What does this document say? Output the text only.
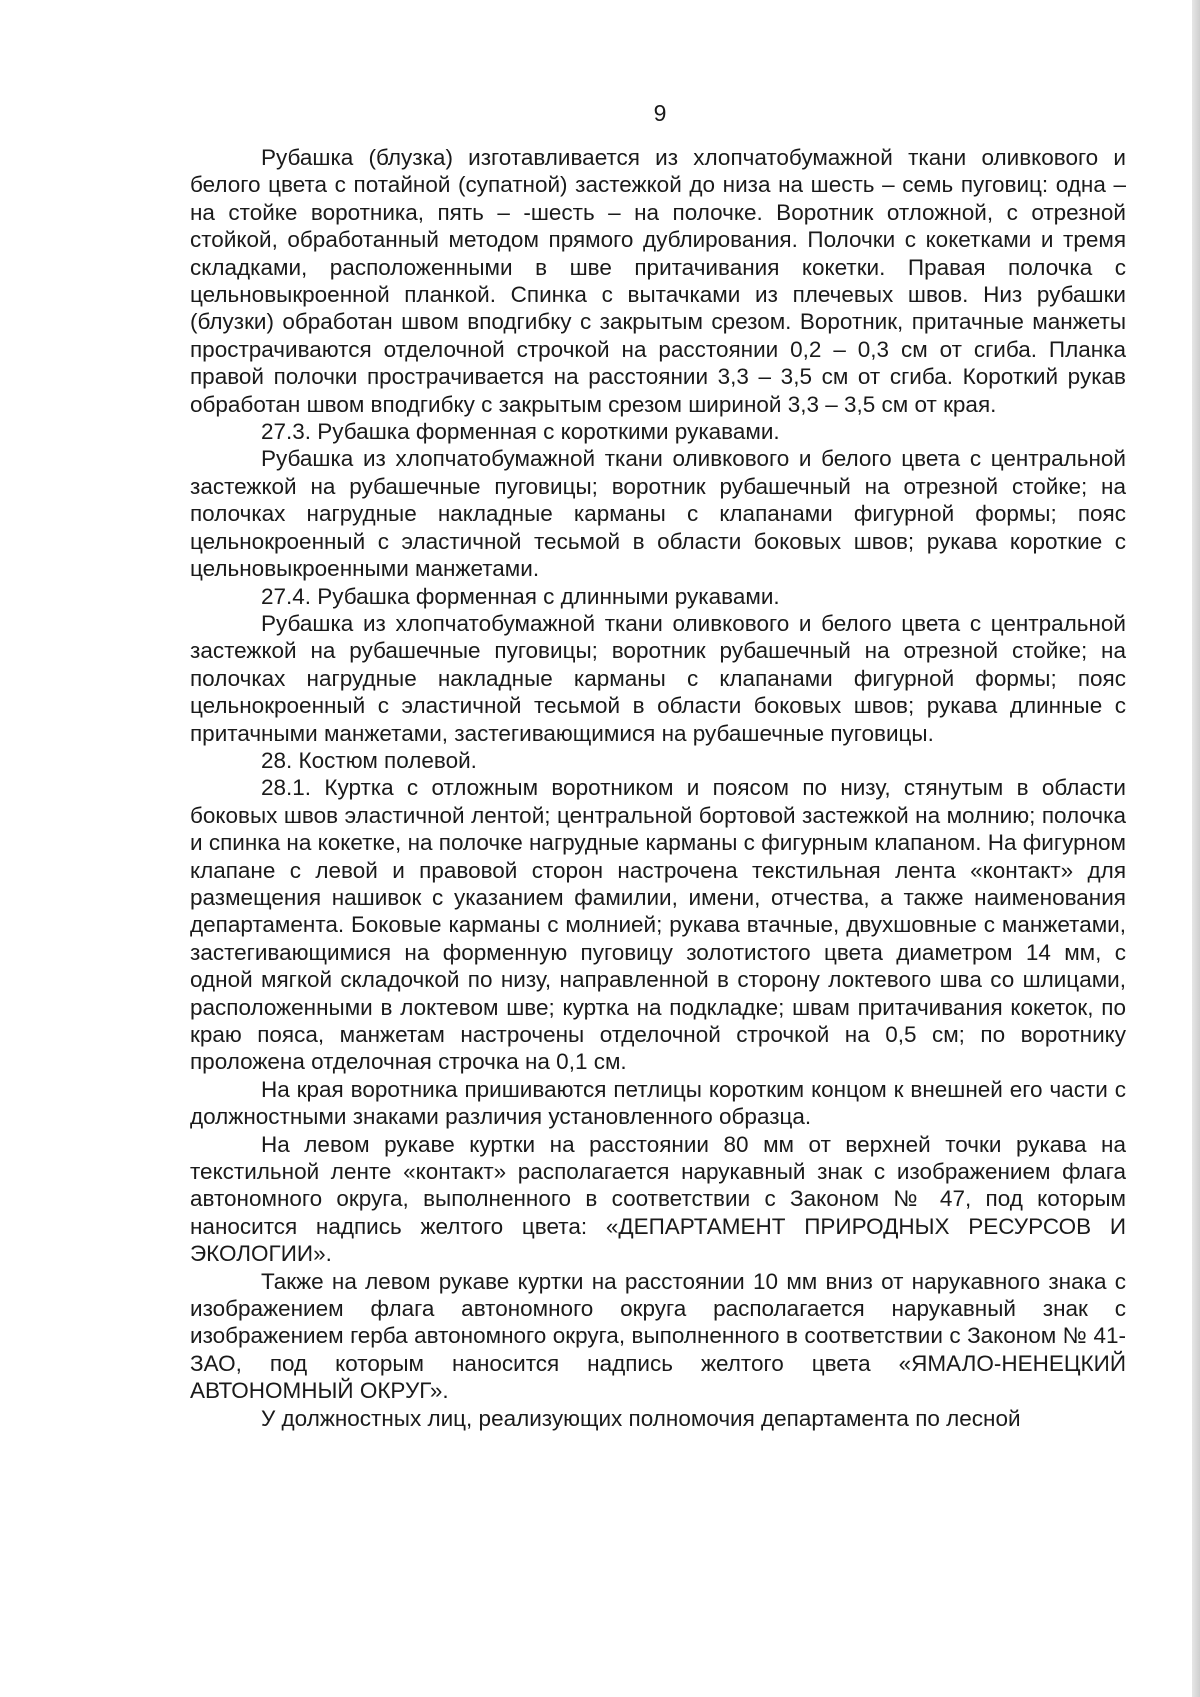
9

Рубашка (блузка) изготавливается из хлопчатобумажной ткани оливкового и белого цвета с потайной (супатной) застежкой до низа на шесть – семь пуговиц: одна – на стойке воротника, пять – -шесть – на полочке. Воротник отложной, с отрезной стойкой, обработанный методом прямого дублирования. Полочки с кокетками и тремя складками, расположенными в шве притачивания кокетки. Правая полочка с цельновыкроенной планкой. Спинка с вытачками из плечевых швов. Низ рубашки (блузки) обработан швом вподгибку с закрытым срезом. Воротник, притачные манжеты прострачиваются отделочной строчкой на расстоянии 0,2 – 0,3 см от сгиба. Планка правой полочки прострачивается на расстоянии 3,3 – 3,5 см от сгиба. Короткий рукав обработан швом вподгибку с закрытым срезом шириной 3,3 – 3,5 см от края.

27.3. Рубашка форменная с короткими рукавами.

Рубашка из хлопчатобумажной ткани оливкового и белого цвета с центральной застежкой на рубашечные пуговицы; воротник рубашечный на отрезной стойке; на полочках нагрудные накладные карманы с клапанами фигурной формы; пояс цельнокроенный с эластичной тесьмой в области боковых швов; рукава короткие с цельновыкроенными манжетами.

27.4. Рубашка форменная с длинными рукавами.

Рубашка из хлопчатобумажной ткани оливкового и белого цвета с центральной застежкой на рубашечные пуговицы; воротник рубашечный на отрезной стойке; на полочках нагрудные накладные карманы с клапанами фигурной формы; пояс цельнокроенный с эластичной тесьмой в области боковых швов; рукава длинные с притачными манжетами, застегивающимися на рубашечные пуговицы.

28. Костюм полевой.

28.1. Куртка с отложным воротником и поясом по низу, стянутым в области боковых швов эластичной лентой; центральной бортовой застежкой на молнию; полочка и спинка на кокетке, на полочке нагрудные карманы с фигурным клапаном. На фигурном клапане с левой и правовой сторон настрочена текстильная лента «контакт» для размещения нашивок с указанием фамилии, имени, отчества, а также наименования департамента. Боковые карманы с молнией; рукава втачные, двухшовные с манжетами, застегивающимися на форменную пуговицу золотистого цвета диаметром 14 мм, с одной мягкой складочкой по низу, направленной в сторону локтевого шва со шлицами, расположенными в локтевом шве; куртка на подкладке; швам притачивания кокеток, по краю пояса, манжетам настрочены отделочной строчкой на 0,5 см; по воротнику проложена отделочная строчка на 0,1 см.

На края воротника пришиваются петлицы коротким концом к внешней его части с должностными знаками различия установленного образца.

На левом рукаве куртки на расстоянии 80 мм от верхней точки рукава на текстильной ленте «контакт» располагается нарукавный знак с изображением флага автономного округа, выполненного в соответствии с Законом № 47, под которым наносится надпись желтого цвета: «ДЕПАРТАМЕНТ ПРИРОДНЫХ РЕСУРСОВ И ЭКОЛОГИИ».

Также на левом рукаве куртки на расстоянии 10 мм вниз от нарукавного знака с изображением флага автономного округа располагается нарукавный знак с изображением герба автономного округа, выполненного в соответствии с Законом № 41-ЗАО, под которым наносится надпись желтого цвета «ЯМАЛО-НЕНЕЦКИЙ АВТОНОМНЫЙ ОКРУГ».

У должностных лиц, реализующих полномочия департамента по лесной
